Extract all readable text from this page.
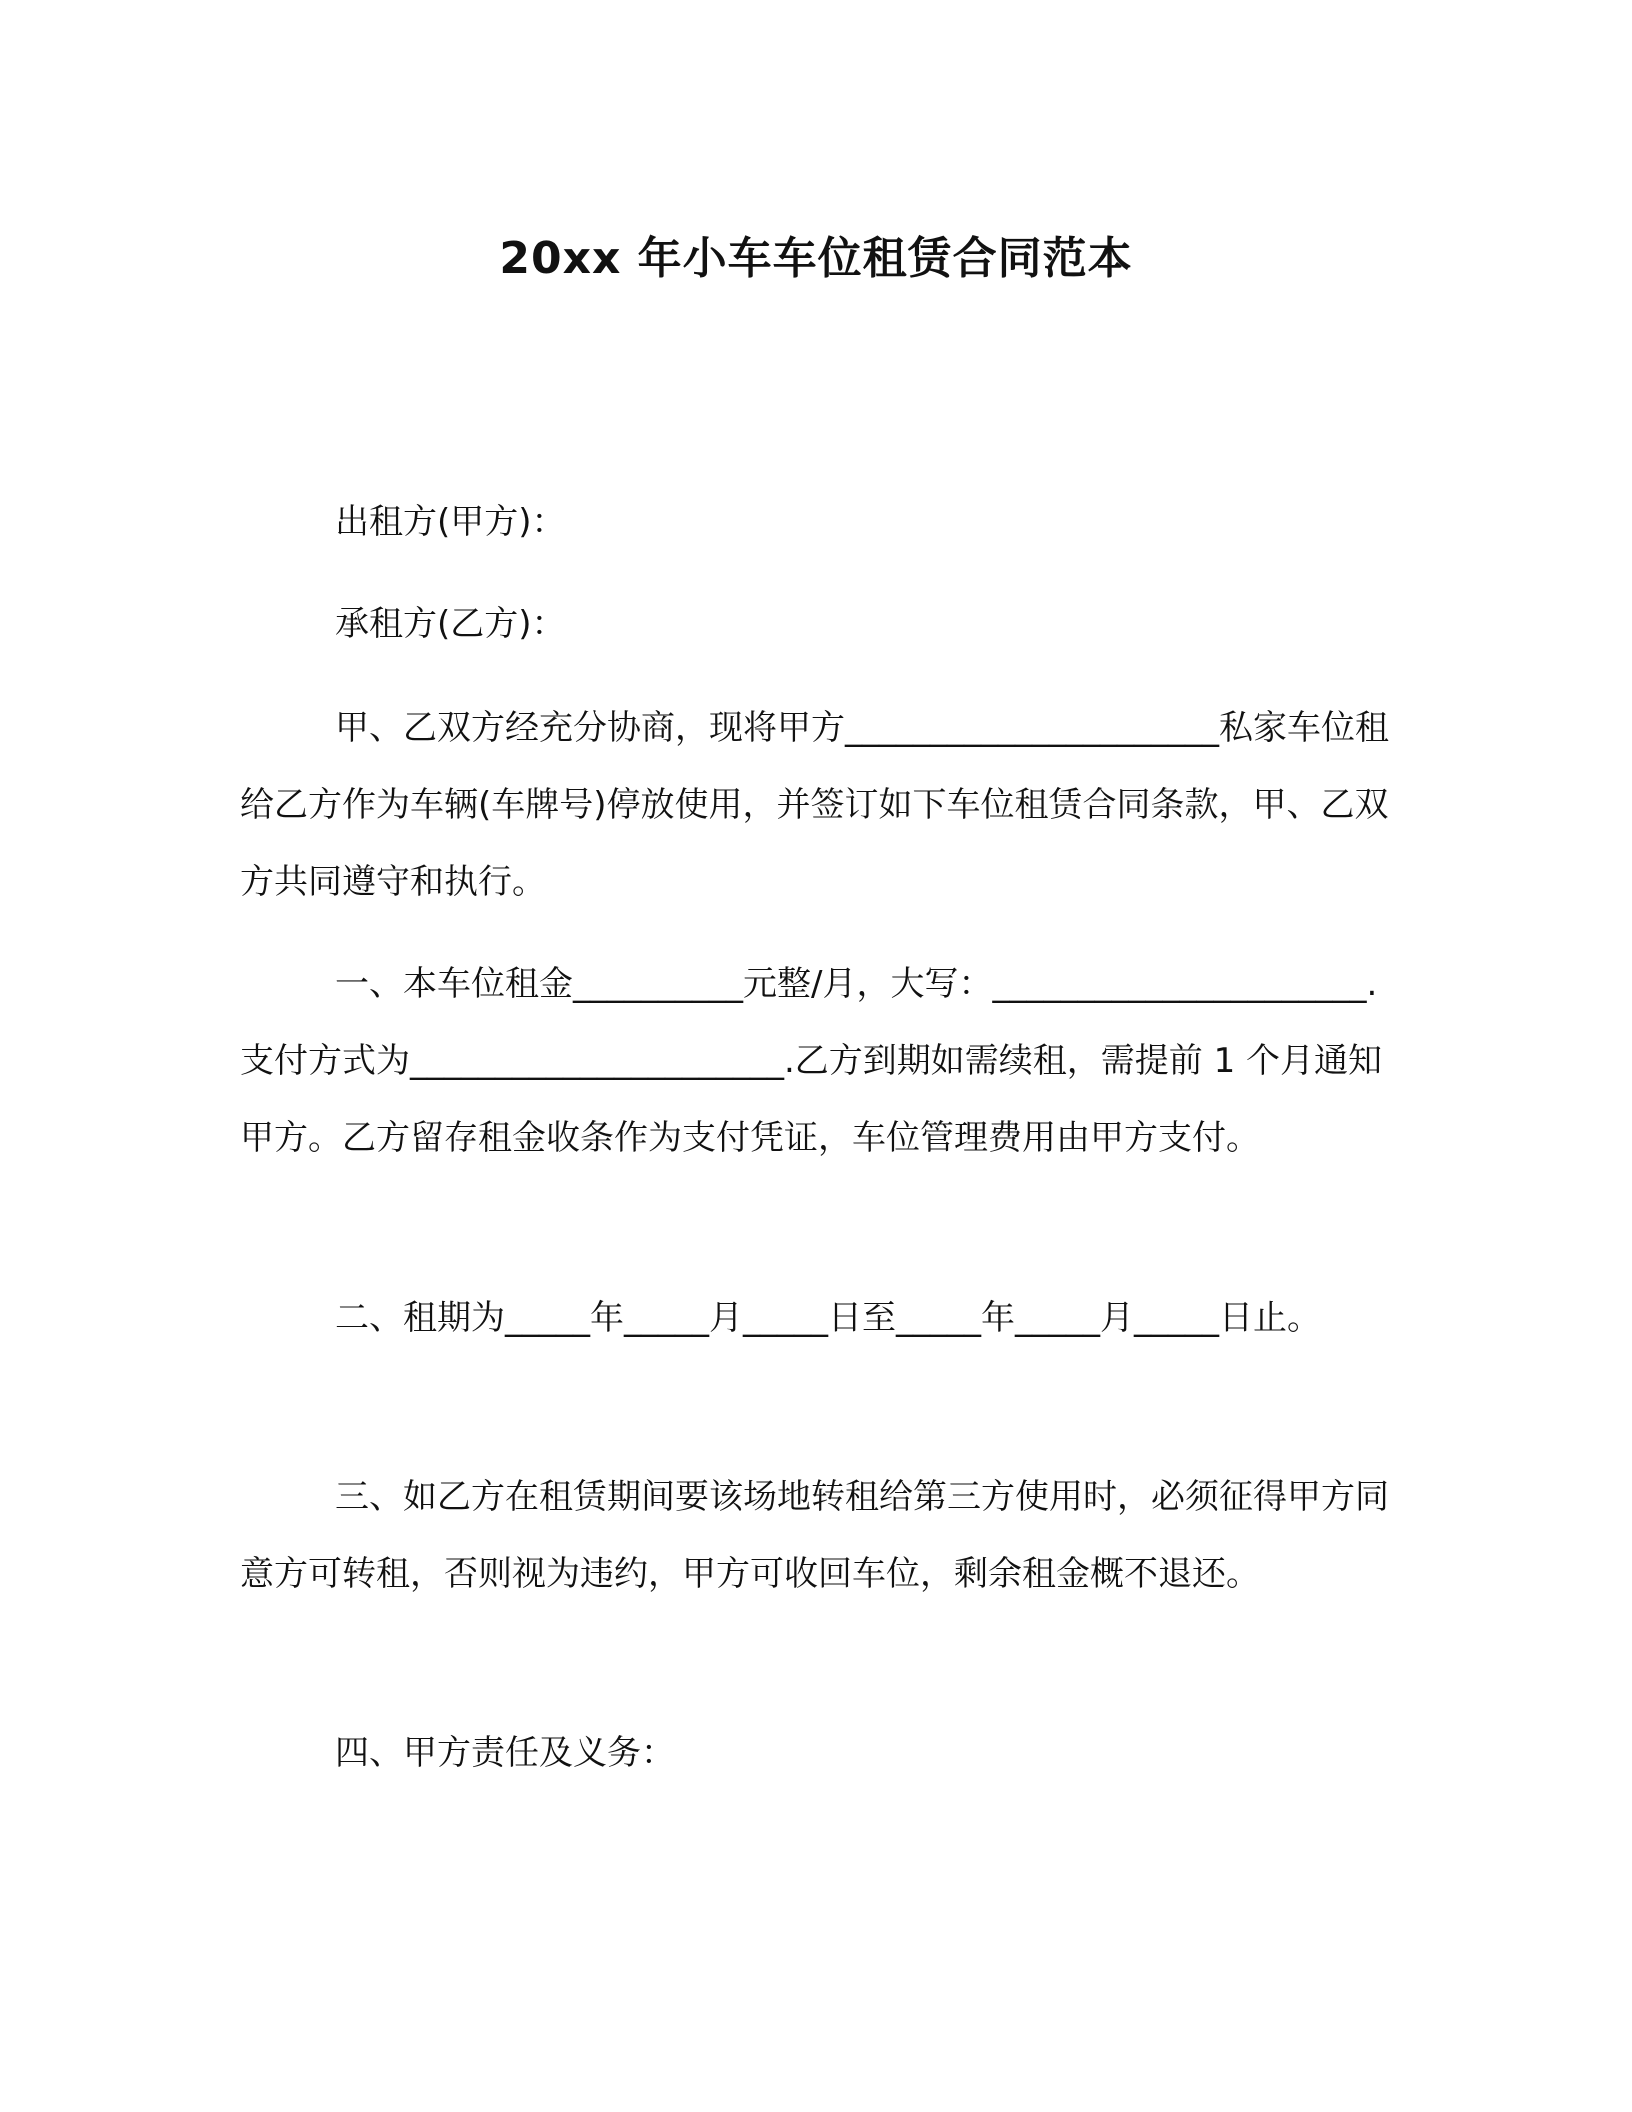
20xx 年小车车位租赁合同范本

出租方(甲方)：

承租方(乙方)：

甲、乙双方经充分协商，现将甲方______________________私家车位租给乙方作为车辆(车牌号)停放使用，并签订如下车位租赁合同条款，甲、乙双方共同遵守和执行。

一、本车位租金__________元整/月，大写：______________________.支付方式为______________________.乙方到期如需续租，需提前 1 个月通知甲方。乙方留存租金收条作为支付凭证，车位管理费用由甲方支付。

二、租期为_____年_____月_____日至_____年_____月_____日止。

三、如乙方在租赁期间要该场地转租给第三方使用时，必须征得甲方同意方可转租，否则视为违约，甲方可收回车位，剩余租金概不退还。

四、甲方责任及义务：
